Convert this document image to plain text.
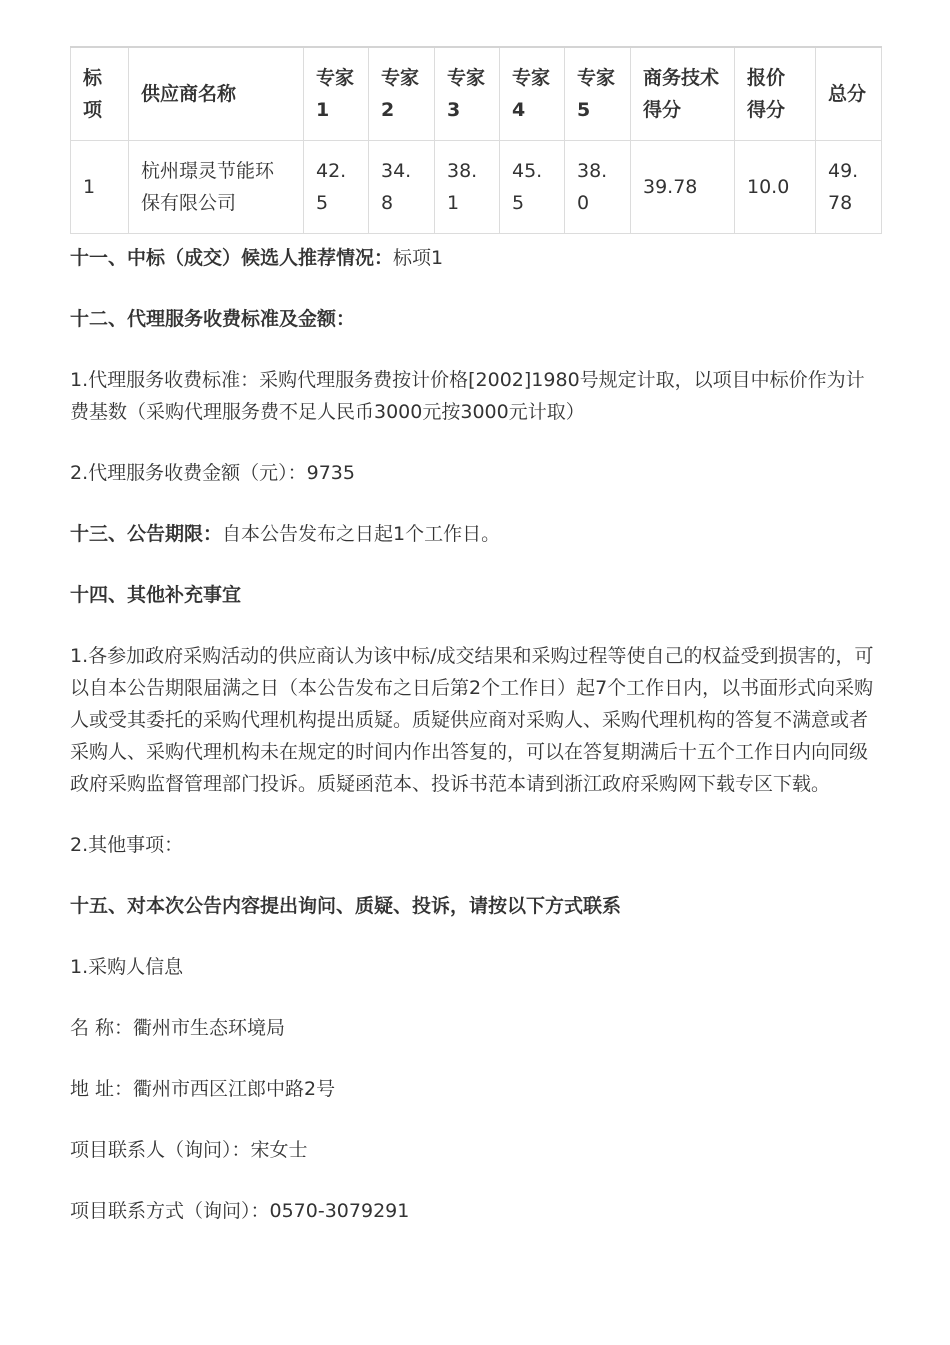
标项	供应商名称	专家1	专家2	专家3	专家4	专家5	商务技术得分	报价得分	总分
1	杭州璟灵节能环保有限公司	42.5	34.8	38.1	45.5	38.0	39.78	10.0	49.78

十一、中标（成交）候选人推荐情况：标项1

十二、代理服务收费标准及金额：

1.代理服务收费标准：采购代理服务费按计价格[2002]1980号规定计取，以项目中标价作为计费基数（采购代理服务费不足人民币3000元按3000元计取）

2.代理服务收费金额（元）：9735

十三、公告期限：自本公告发布之日起1个工作日。

十四、其他补充事宜

1.各参加政府采购活动的供应商认为该中标/成交结果和采购过程等使自己的权益受到损害的，可以自本公告期限届满之日（本公告发布之日后第2个工作日）起7个工作日内，以书面形式向采购人或受其委托的采购代理机构提出质疑。质疑供应商对采购人、采购代理机构的答复不满意或者采购人、采购代理机构未在规定的时间内作出答复的，可以在答复期满后十五个工作日内向同级政府采购监督管理部门投诉。质疑函范本、投诉书范本请到浙江政府采购网下载专区下载。

2.其他事项：

十五、对本次公告内容提出询问、质疑、投诉，请按以下方式联系

1.采购人信息

名 称：衢州市生态环境局

地 址：衢州市西区江郎中路2号

项目联系人（询问）：宋女士

项目联系方式（询问）：0570-3079291
